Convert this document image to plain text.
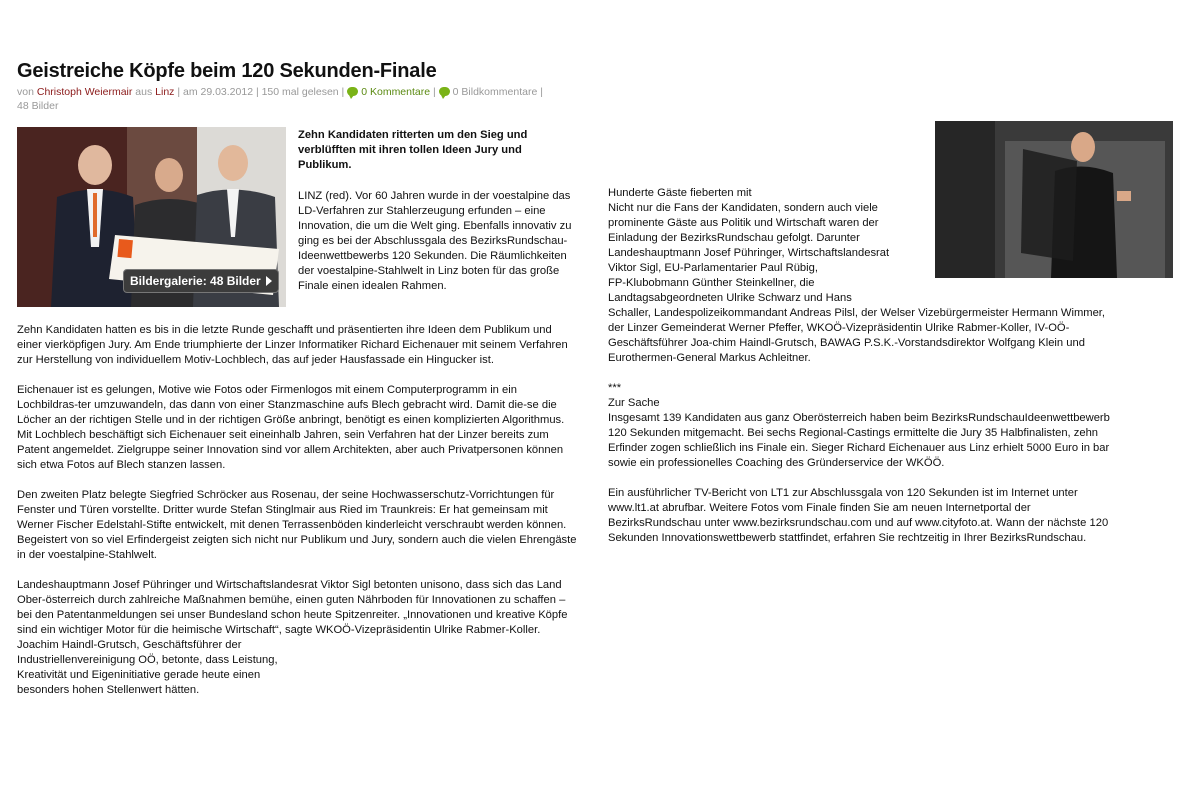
Geistreiche Köpfe beim 120 Sekunden-Finale
von Christoph Weiermair aus Linz | am 29.03.2012 | 150 mal gelesen | 0 Kommentare | 0 Bildkommentare |
48 Bilder
Bildergalerie: 48 Bilder
Zehn Kandidaten ritterten um den Sieg und verblüfften mit ihren tollen Ideen Jury und Publikum.
LINZ (red). Vor 60 Jahren wurde in der voestalpine das LD-Verfahren zur Stahlerzeugung erfunden – eine Innovation, die um die Welt ging. Ebenfalls innovativ zu ging es bei der Abschlussgala des BezirksRundschau-Ideenwettbewerbs 120 Sekunden. Die Räumlichkeiten der voestalpine-Stahlwelt in Linz boten für das große Finale einen idealen Rahmen.

Zehn Kandidaten hatten es bis in die letzte Runde geschafft und präsentierten ihre Ideen dem Publikum und einer vierköpfigen Jury. Am Ende triumphierte der Linzer Informatiker Richard Eichenauer mit seinem Verfahren zur Herstellung von individuellem Motiv-Lochblech, das auf jeder Hausfassade ein Hingucker ist.

Eichenauer ist es gelungen, Motive wie Fotos oder Firmenlogos mit einem Computerprogramm in ein Lochbildras-ter umzuwandeln, das dann von einer Stanzmaschine aufs Blech gebracht wird. Damit die-se die Löcher an der richtigen Stelle und in der richtigen Größe anbringt, benötigt es einen komplizierten Algorithmus. Mit Lochblech beschäftigt sich Eichenauer seit eineinhalb Jahren, sein Verfahren hat der Linzer bereits zum Patent angemeldet. Zielgruppe seiner Innovation sind vor allem Architekten, aber auch Privatpersonen können sich etwa Fotos auf Blech stanzen lassen.

Den zweiten Platz belegte Siegfried Schröcker aus Rosenau, der seine Hochwasserschutz-Vorrichtungen für Fenster und Türen vorstellte. Dritter wurde Stefan Stinglmair aus Ried im Traunkreis: Er hat gemeinsam mit Werner Fischer Edelstahl-Stifte entwickelt, mit denen Terrassenböden kinderleicht verschraubt werden können. Begeistert von so viel Erfindergeist zeigten sich nicht nur Publikum und Jury, sondern auch die vielen Ehrengäste in der voestalpine-Stahlwelt.

Landeshauptmann Josef Pühringer und Wirtschaftslandesrat Viktor Sigl betonten unisono, dass sich das Land Ober-österreich durch zahlreiche Maßnahmen bemühe, einen guten Nährboden für Innovationen zu schaffen – bei den Patentanmeldungen sei unser Bundesland schon heute Spitzenreiter. „Innovationen und kreative Köpfe sind ein wichtiger Motor für die heimische Wirtschaft“, sagte WKOÖ-Vizepräsidentin Ulrike Rabmer-Koller.
Joachim Haindl-Grutsch, Geschäftsführer der
Industriellenvereinigung OÖ, betonte, dass Leistung,
Kreativität und Eigeninitiative gerade heute einen
besonders hohen Stellenwert hätten.

Hunderte Gäste fieberten mit
Nicht nur die Fans der Kandidaten, sondern auch viele
prominente Gäste aus Politik und Wirtschaft waren der
Einladung der BezirksRundschau gefolgt. Darunter
Landeshauptmann Josef Pühringer, Wirtschaftslandesrat
Viktor Sigl, EU-Parlamentarier Paul Rübig,
FP-Klubobmann Günther Steinkellner, die
Landtagsabgeordneten Ulrike Schwarz und Hans
Schaller, Landespolizeikommandant Andreas Pilsl, der Welser Vizebürgermeister Hermann Wimmer,
der Linzer Gemeinderat Werner Pfeffer, WKOÖ-Vizepräsidentin Ulrike Rabmer-Koller, IV-OÖ-
Geschäftsführer Joa-chim Haindl-Grutsch, BAWAG P.S.K.-Vorstandsdirektor Wolfgang Klein und
Eurothermen-General Markus Achleitner.

***
Zur Sache
Insgesamt 139 Kandidaten aus ganz Oberösterreich haben beim BezirksRundschauIdeenwettbewerb
120 Sekunden mitgemacht. Bei sechs Regional-Castings ermittelte die Jury 35 Halbfinalisten, zehn
Erfinder zogen schließlich ins Finale ein. Sieger Richard Eichenauer aus Linz erhielt 5000 Euro in bar
sowie ein professionelles Coaching des Gründerservice der WKÖÖ.

Ein ausführlicher TV-Bericht von LT1 zur Abschlussgala von 120 Sekunden ist im Internet unter
www.lt1.at abrufbar. Weitere Fotos vom Finale finden Sie am neuen Internetportal der
BezirksRundschau unter www.bezirksrundschau.com und auf www.cityfoto.at. Wann der nächste 120
Sekunden Innovationswettbewerb stattfindet, erfahren Sie rechtzeitig in Ihrer BezirksRundschau.
